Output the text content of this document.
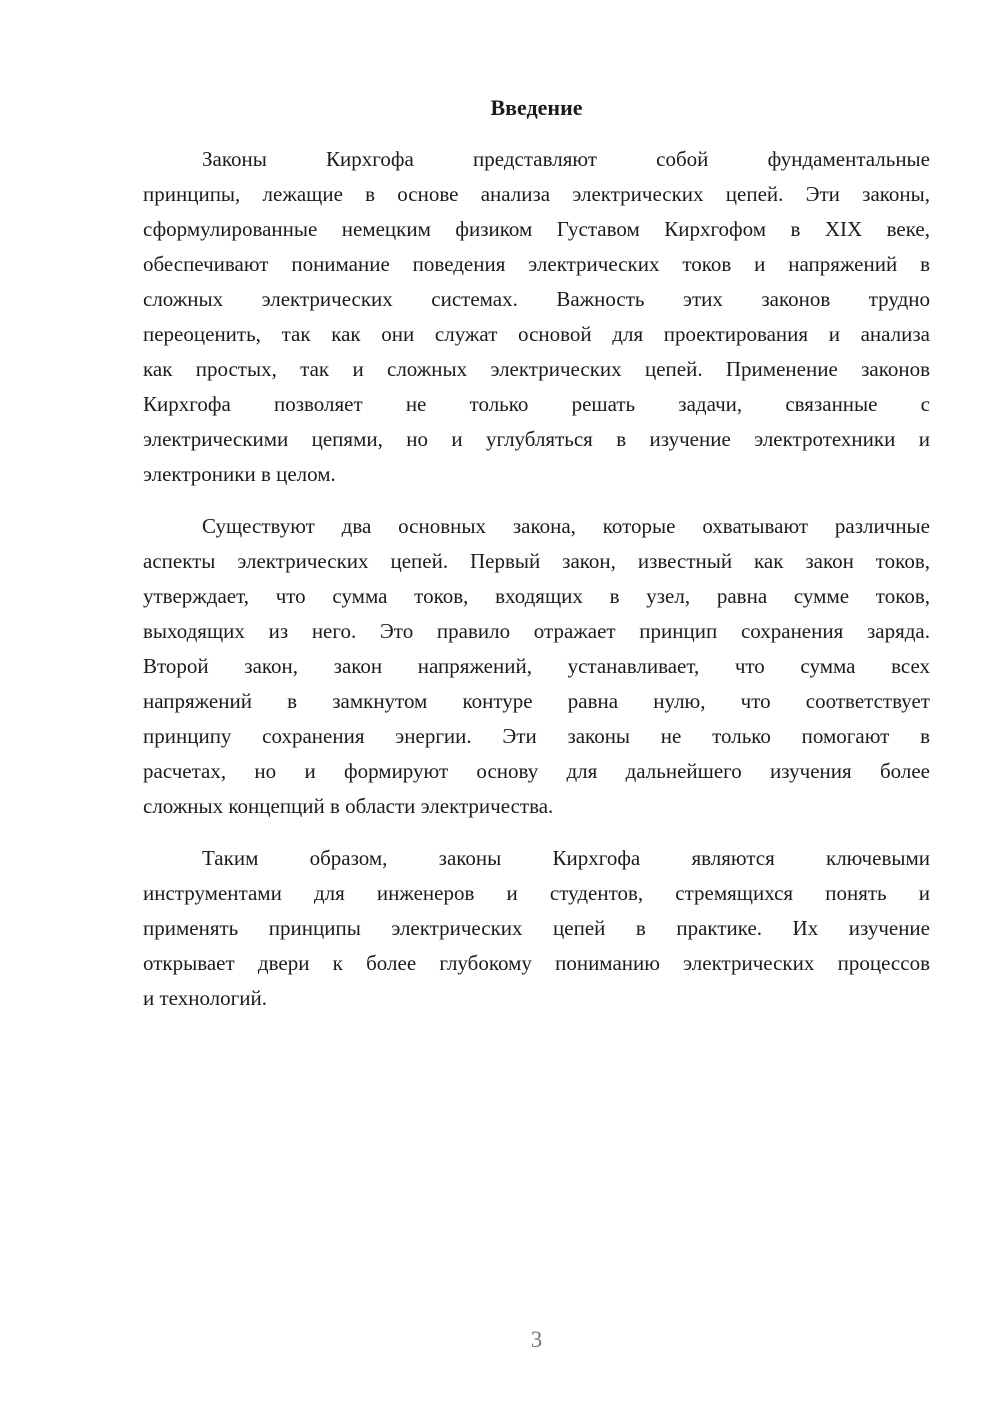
Введение
Законы Кирхгофа представляют собой фундаментальные
принципы, лежащие в основе анализа электрических цепей. Эти законы,
сформулированные немецким физиком Густавом Кирхгофом в XIX веке,
обеспечивают понимание поведения электрических токов и напряжений в
сложных электрических системах. Важность этих законов трудно
переоценить, так как они служат основой для проектирования и анализа
как простых, так и сложных электрических цепей. Применение законов
Кирхгофа позволяет не только решать задачи, связанные с
электрическими цепями, но и углубляться в изучение электротехники и
электроники в целом.
Существуют два основных закона, которые охватывают различные
аспекты электрических цепей. Первый закон, известный как закон токов,
утверждает, что сумма токов, входящих в узел, равна сумме токов,
выходящих из него. Это правило отражает принцип сохранения заряда.
Второй закон, закон напряжений, устанавливает, что сумма всех
напряжений в замкнутом контуре равна нулю, что соответствует
принципу сохранения энергии. Эти законы не только помогают в
расчетах, но и формируют основу для дальнейшего изучения более
сложных концепций в области электричества.
Таким образом, законы Кирхгофа являются ключевыми
инструментами для инженеров и студентов, стремящихся понять и
применять принципы электрических цепей в практике. Их изучение
открывает двери к более глубокому пониманию электрических процессов
и технологий.
3
